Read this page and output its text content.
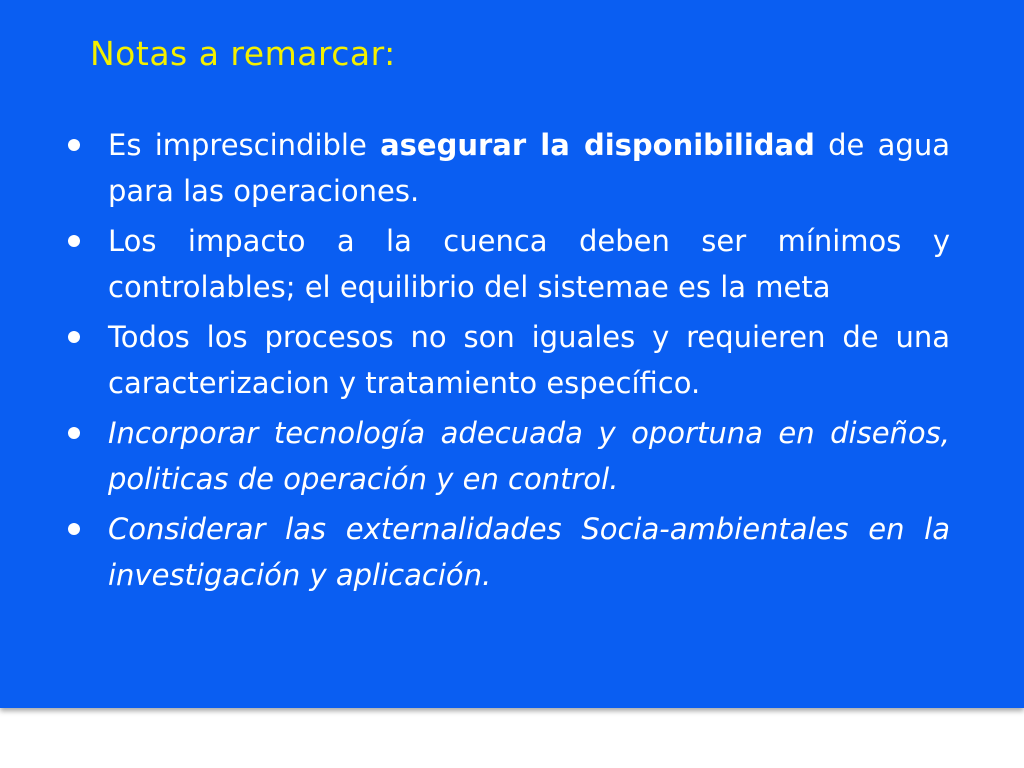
Notas a remarcar:
Es imprescindible asegurar la disponibilidad de agua para las operaciones.
Los impacto a la cuenca deben ser mínimos y controlables; el equilibrio del sistemae es la meta
Todos los procesos no son iguales y requieren de una caracterizacion y tratamiento específico.
Incorporar tecnología adecuada y oportuna en diseños, politicas de operación y en control.
Considerar las externalidades Socia-ambientales en la investigación y aplicación.
